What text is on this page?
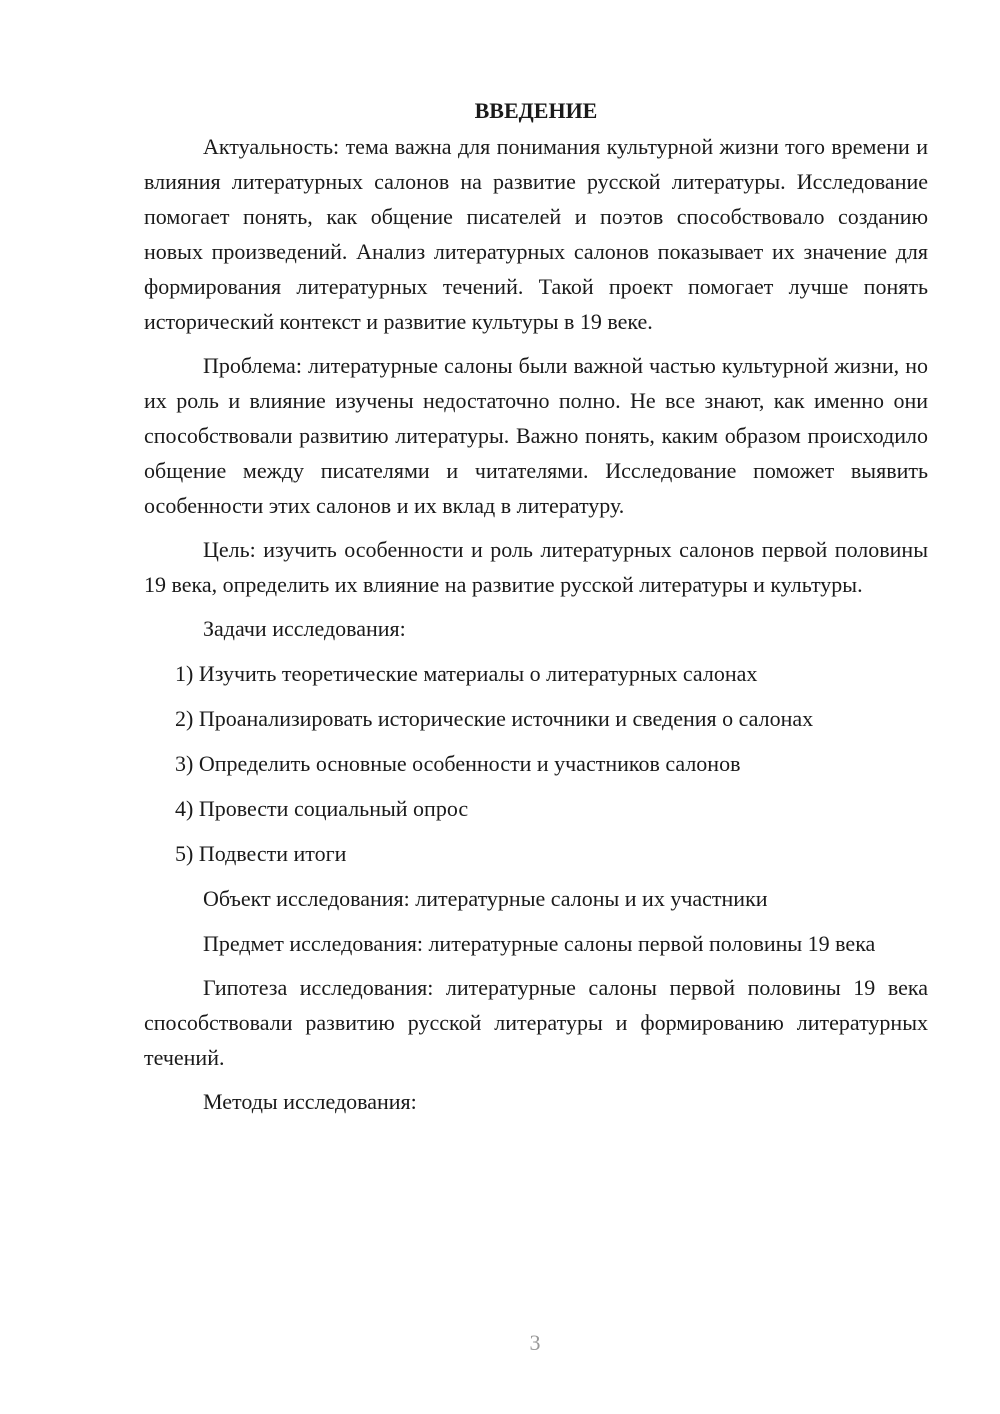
ВВЕДЕНИЕ

Актуальность: тема важна для понимания культурной жизни того времени и влияния литературных салонов на развитие русской литературы. Исследование помогает понять, как общение писателей и поэтов способствовало созданию новых произведений. Анализ литературных салонов показывает их значение для формирования литературных течений. Такой проект помогает лучше понять исторический контекст и развитие культуры в 19 веке.

Проблема: литературные салоны были важной частью культурной жизни, но их роль и влияние изучены недостаточно полно. Не все знают, как именно они способствовали развитию литературы. Важно понять, каким образом происходило общение между писателями и читателями. Исследование поможет выявить особенности этих салонов и их вклад в литературу.

Цель: изучить особенности и роль литературных салонов первой половины 19 века, определить их влияние на развитие русской литературы и культуры.

Задачи исследования:
1) Изучить теоретические материалы о литературных салонах
2) Проанализировать исторические источники и сведения о салонах
3) Определить основные особенности и участников салонов
4) Провести социальный опрос
5) Подвести итоги
Объект исследования: литературные салоны и их участники

Предмет исследования: литературные салоны первой половины 19 века

Гипотеза исследования: литературные салоны первой половины 19 века способствовали развитию русской литературы и формированию литературных течений.

Методы исследования:
3
